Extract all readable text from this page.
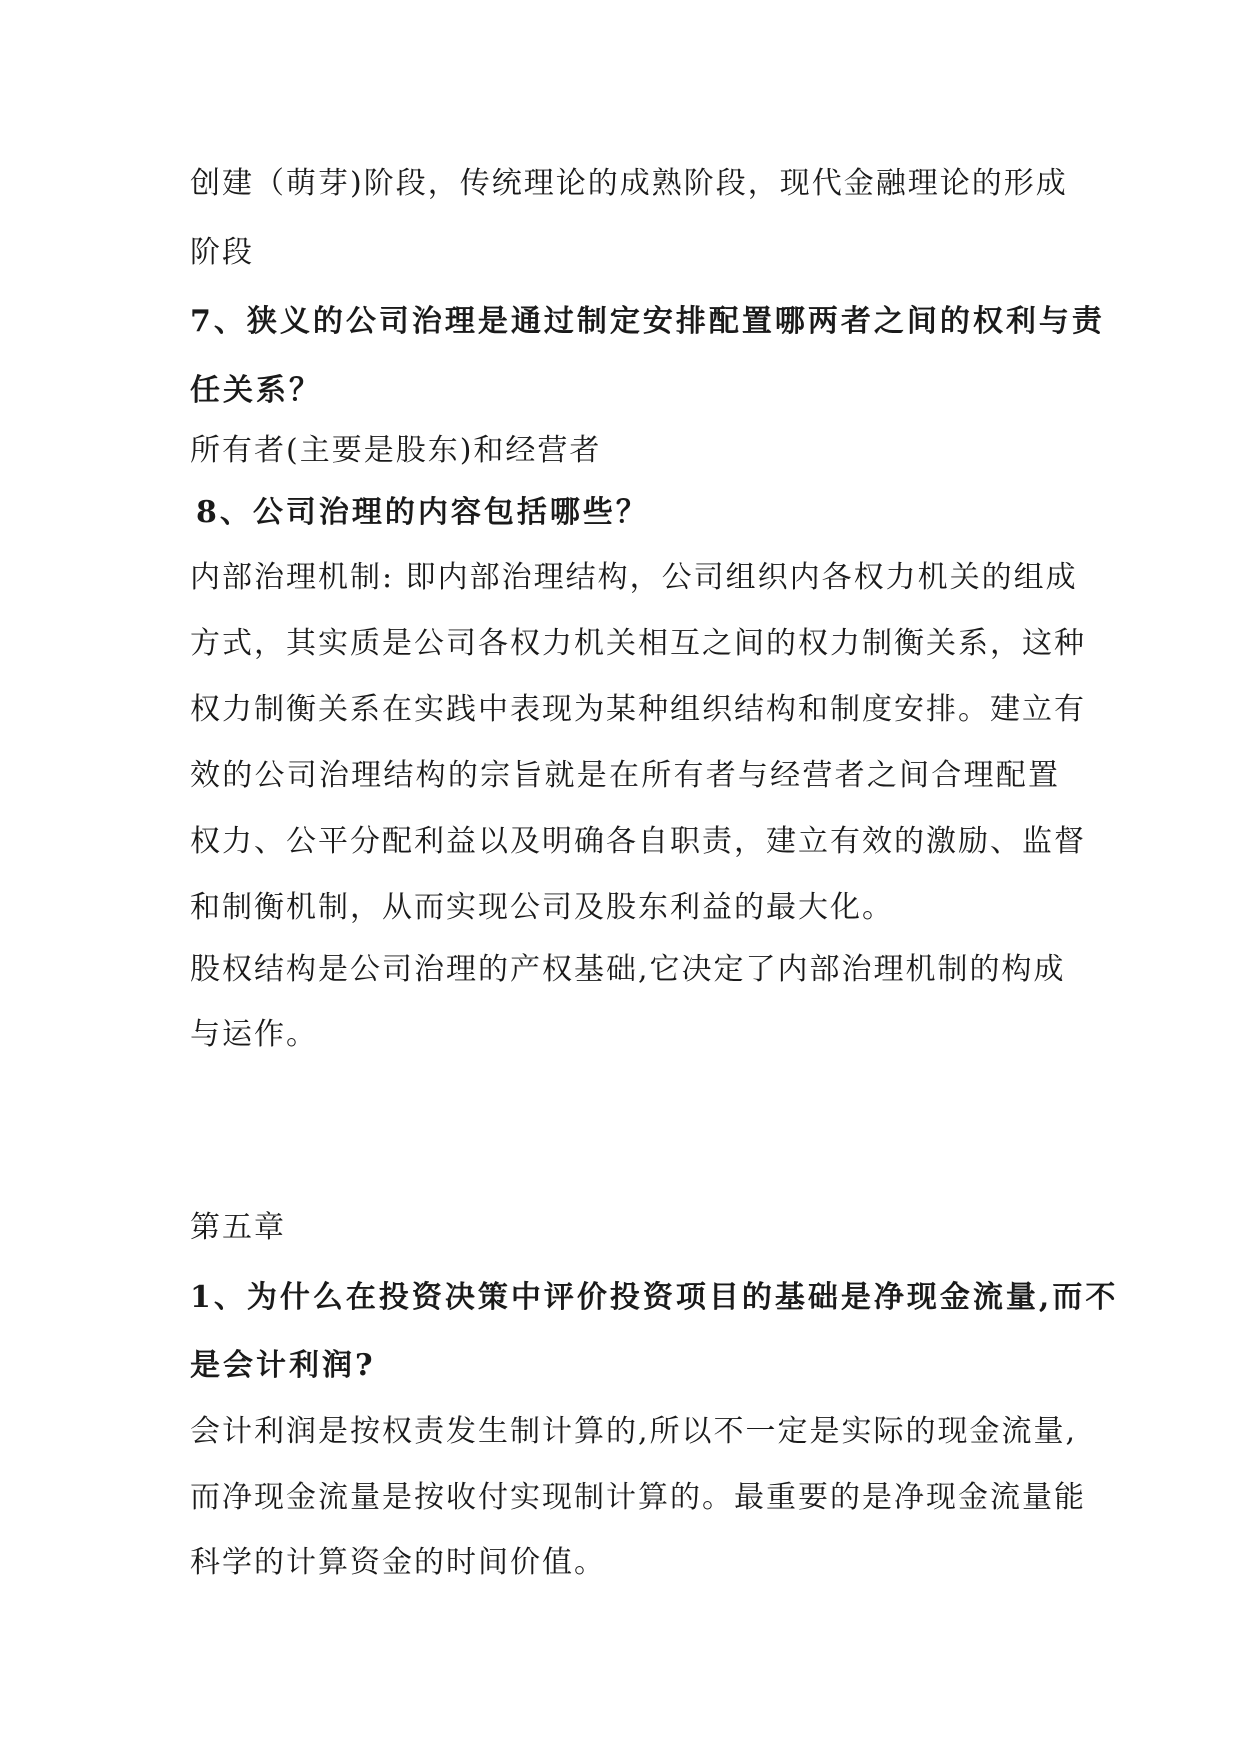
创建（萌芽)阶段，传统理论的成熟阶段，现代金融理论的形成
阶段
7、狭义的公司治理是通过制定安排配置哪两者之间的权利与责
任关系？
所有者(主要是股东)和经营者
8、公司治理的内容包括哪些？
内部治理机制: 即内部治理结构，公司组织内各权力机关的组成
方式，其实质是公司各权力机关相互之间的权力制衡关系，这种
权力制衡关系在实践中表现为某种组织结构和制度安排。建立有
效的公司治理结构的宗旨就是在所有者与经营者之间合理配置
权力、公平分配利益以及明确各自职责，建立有效的激励、监督
和制衡机制，从而实现公司及股东利益的最大化。
股权结构是公司治理的产权基础,它决定了内部治理机制的构成
与运作。
第五章
1、为什么在投资决策中评价投资项目的基础是净现金流量,而不
是会计利润?
会计利润是按权责发生制计算的,所以不一定是实际的现金流量,
而净现金流量是按收付实现制计算的。最重要的是净现金流量能
科学的计算资金的时间价值。
